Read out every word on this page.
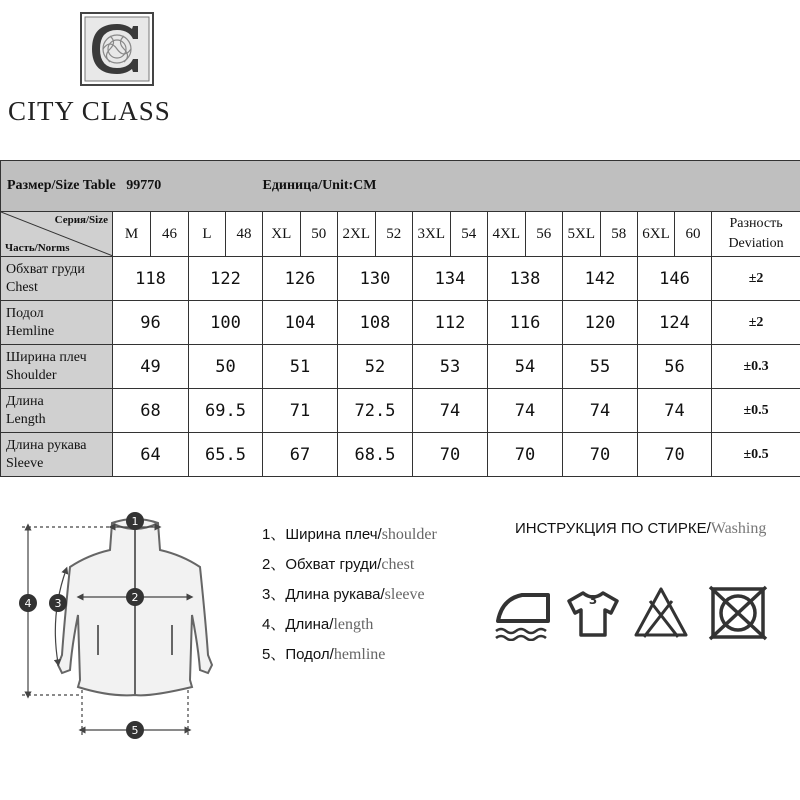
CITY CLASS
Размер/Size Table   99770 Единица/Unit:CM									

Серия/Size
Часть/Norms	M 46	L 48	XL 50	2XL 52	3XL 54	4XL 56	5XL 58	6XL 60	Разность
Deviation

Обхват груди
Chest	118	122	126	130	134	138	142	146	±2

Подол
Hemline	96	100	104	108	112	116	120	124	±2

Ширина плеч
Shoulder	49	50	51	52	53	54	55	56	±0.3

Длина
Length	68	69.5	71	72.5	74	74	74	74	±0.5

Длина рукава
Sleeve	64	65.5	67	68.5	70	70	70	70	±0.5
1
2
3
4
5
1、Ширина плеч/shoulder
2、Обхват груди/chest
3、Длина рукава/sleeve
4、Длина/length
5、Подол/hemline
ИНСТРУКЦИЯ ПО СТИРКЕ/Washing
3
